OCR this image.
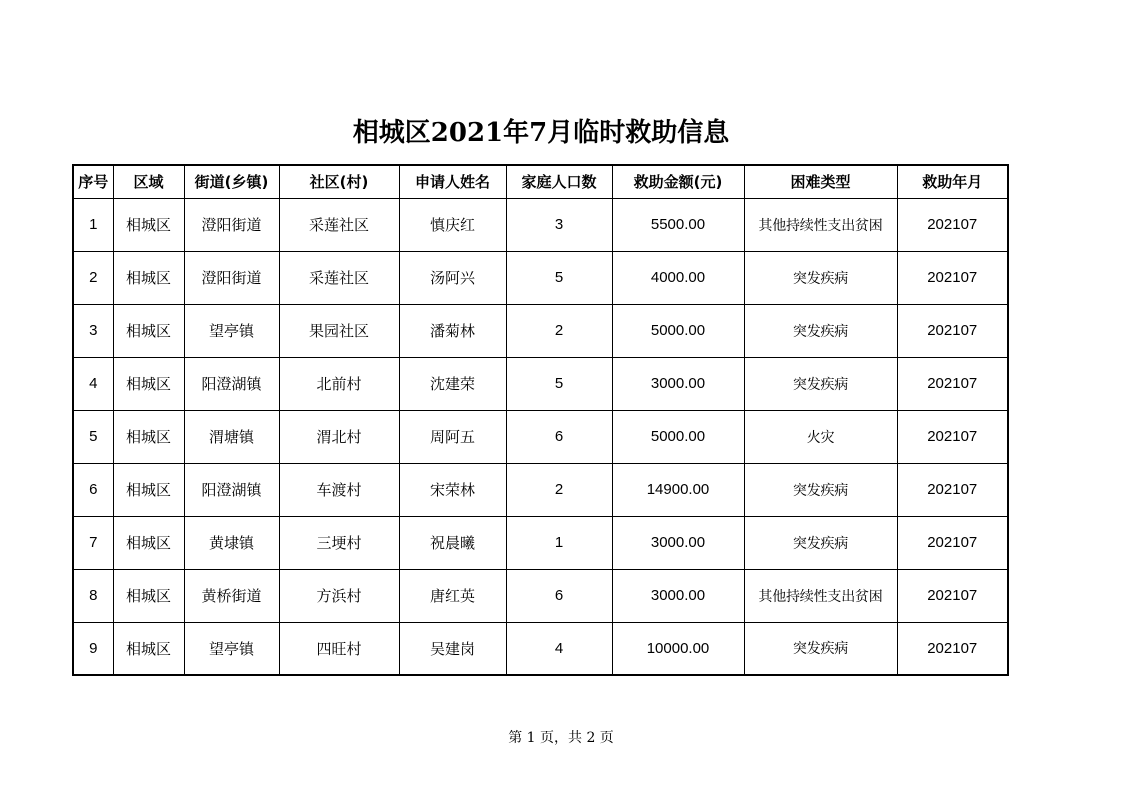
相城区2021年7月临时救助信息
序号	区域	街道(乡镇)	社区(村)	申请人姓名	家庭人口数	救助金额(元)	困难类型	救助年月
1	相城区	澄阳街道	采莲社区	慎庆红	3	5500.00	其他持续性支出贫困	202107
2	相城区	澄阳街道	采莲社区	汤阿兴	5	4000.00	突发疾病	202107
3	相城区	望亭镇	果园社区	潘菊林	2	5000.00	突发疾病	202107
4	相城区	阳澄湖镇	北前村	沈建荣	5	3000.00	突发疾病	202107
5	相城区	渭塘镇	渭北村	周阿五	6	5000.00	火灾	202107
6	相城区	阳澄湖镇	车渡村	宋荣林	2	14900.00	突发疾病	202107
7	相城区	黄埭镇	三埂村	祝晨曦	1	3000.00	突发疾病	202107
8	相城区	黄桥街道	方浜村	唐红英	6	3000.00	其他持续性支出贫困	202107
9	相城区	望亭镇	四旺村	吴建岗	4	10000.00	突发疾病	202107
第 1 页，共 2 页
